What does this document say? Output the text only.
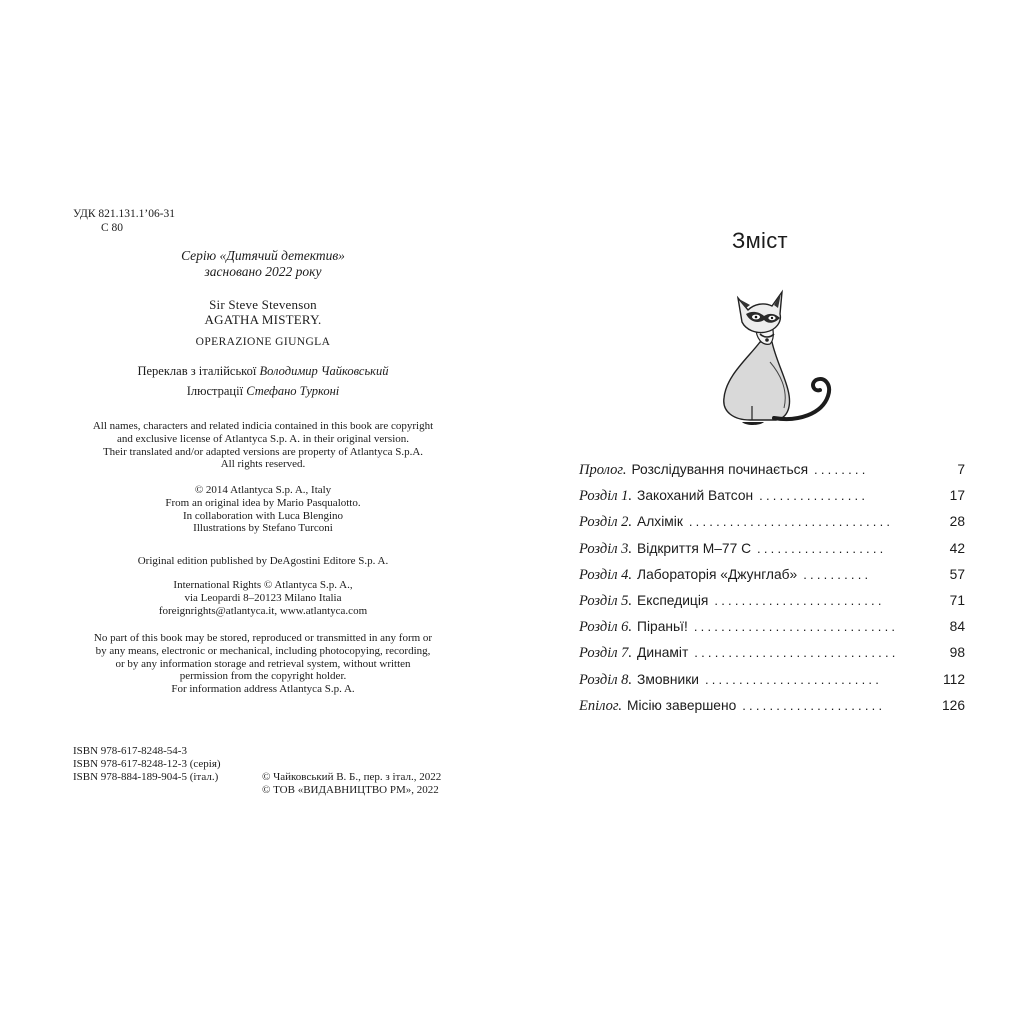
УДК 821.131.1’06-31
С 80
Серію «Дитячий детектив»
засновано 2022 року
Sir Steve Stevenson
AGATHA MISTERY.
OPERAZIONE GIUNGLA
Переклав з італійської Володимир Чайковський
Ілюстрації Стефано Турконі
All names, characters and related indicia contained in this book are copyright
and exclusive license of Atlantyca S.p. A. in their original version.
Their translated and/or adapted versions are property of Atlantyca S.p.A.
All rights reserved.
© 2014 Atlantyca S.p. A., Italy
From an original idea by Mario Pasqualotto.
In collaboration with Luca Blengino
Illustrations by Stefano Turconi
Original edition published by DeAgostini Editore S.p. A.
International Rights © Atlantyca S.p. A.,
via Leopardi 8–20123 Milano Italia
foreignrights@atlantyca.it, www.atlantyca.com
No part of this book may be stored, reproduced or transmitted in any form or
by any means, electronic or mechanical, including photocopying, recording,
or by any information storage and retrieval system, without written
permission from the copyright holder.
For information address Atlantyca S.p. A.
ISBN 978-617-8248-54-3
ISBN 978-617-8248-12-3 (серія)
ISBN 978-884-189-904-5 (італ.)	© Чайковський В. Б., пер. з італ., 2022
© ТОВ «ВИДАВНИЦТВО РМ», 2022
Зміст
Пролог. Розслідування починається ........	7
Розділ 1. Закоханий Ватсон ................	17
Розділ 2. Алхімік ..............................	28
Розділ 3. Відкриття М–77 С ...................	42
Розділ 4. Лабораторія «Джунглаб» ..........	57
Розділ 5. Експедиція .........................	71
Розділ 6. Піраньї! ..............................	84
Розділ 7. Динаміт ..............................	98
Розділ 8. Змовники ..........................	112
Епілог. Місію завершено .....................	126
